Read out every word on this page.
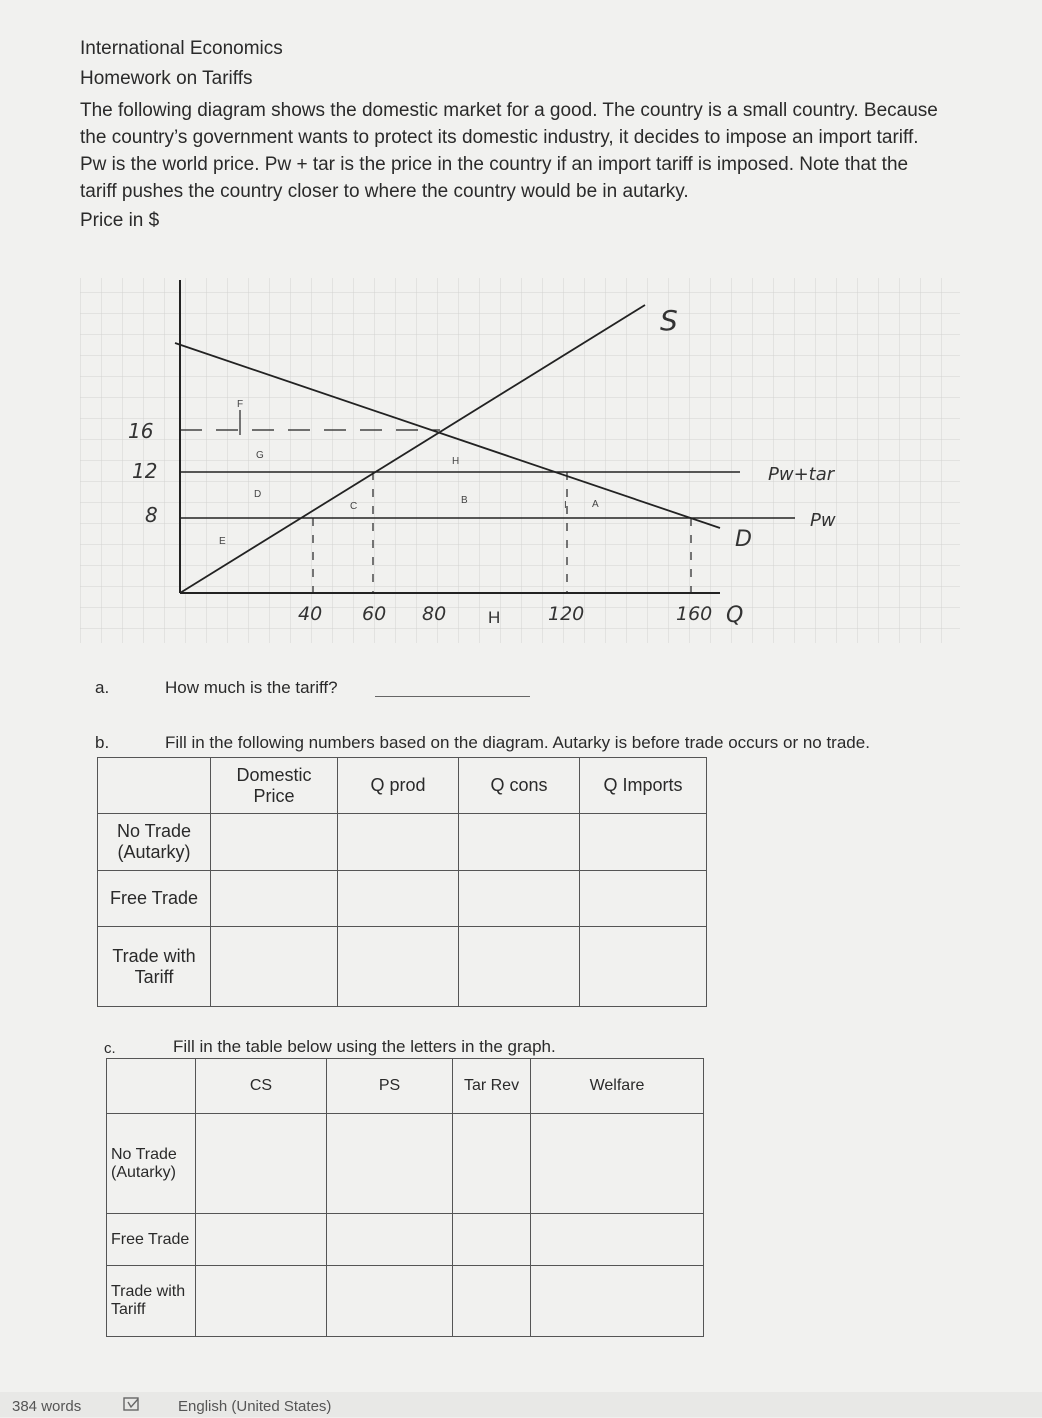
International Economics
Homework on Tariffs
The following diagram shows the domestic market for a good. The country is a small country. Because
the country’s government wants to protect its domestic industry, it decides to impose an import tariff.
Pw is the world price. Pw + tar is the price in the country if an import tariff is imposed. Note that the
tariff pushes the country closer to where the country would be in autarky.
Price in $
16
12
8
40 60 80 H	120	160 Q
S
D
Pw+tar
Pw
F
G
H
D
C
B	A
E
I
a.	How much is the tariff?
b.	Fill in the following numbers based on the diagram. Autarky is before trade occurs or no trade.
	Domestic Price	Q prod	Q cons	Q Imports
No Trade (Autarky)				
Free Trade				
Trade with Tariff				
c.	Fill in the table below using the letters in the graph.
	CS	PS	Tar Rev	Welfare
No Trade (Autarky)				
Free Trade				
Trade with Tariff				
384 words	English (United States)
